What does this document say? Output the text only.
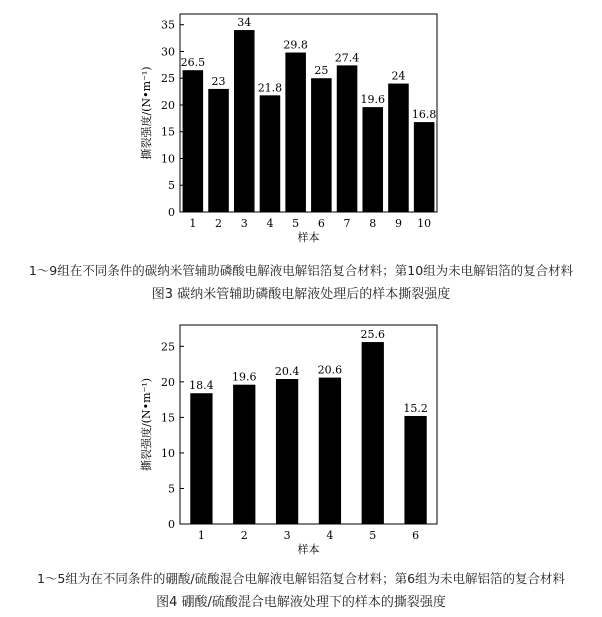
0
5
10
15
20
25
30
35
26.5
1
23
2
34
3
21.8
4
29.8
5
25
6
27.4
7
19.6
8
24
9
16.8
10
样本
撕裂强度/(N•m⁻¹)
1～9组在不同条件的碳纳米管辅助磷酸电解液电解铝箔复合材料；第10组为未电解铝箔的复合材料
图3 碳纳米管辅助磷酸电解液处理后的样本撕裂强度
0
5
10
15
20
25
18.4
1
19.6
2
20.4
3
20.6
4
25.6
5
15.2
6
样本
撕裂强度/(N•m⁻¹)
1～5组为在不同条件的硼酸/硫酸混合电解液电解铝箔复合材料；第6组为未电解铝箔的复合材料
图4 硼酸/硫酸混合电解液处理下的样本的撕裂强度
